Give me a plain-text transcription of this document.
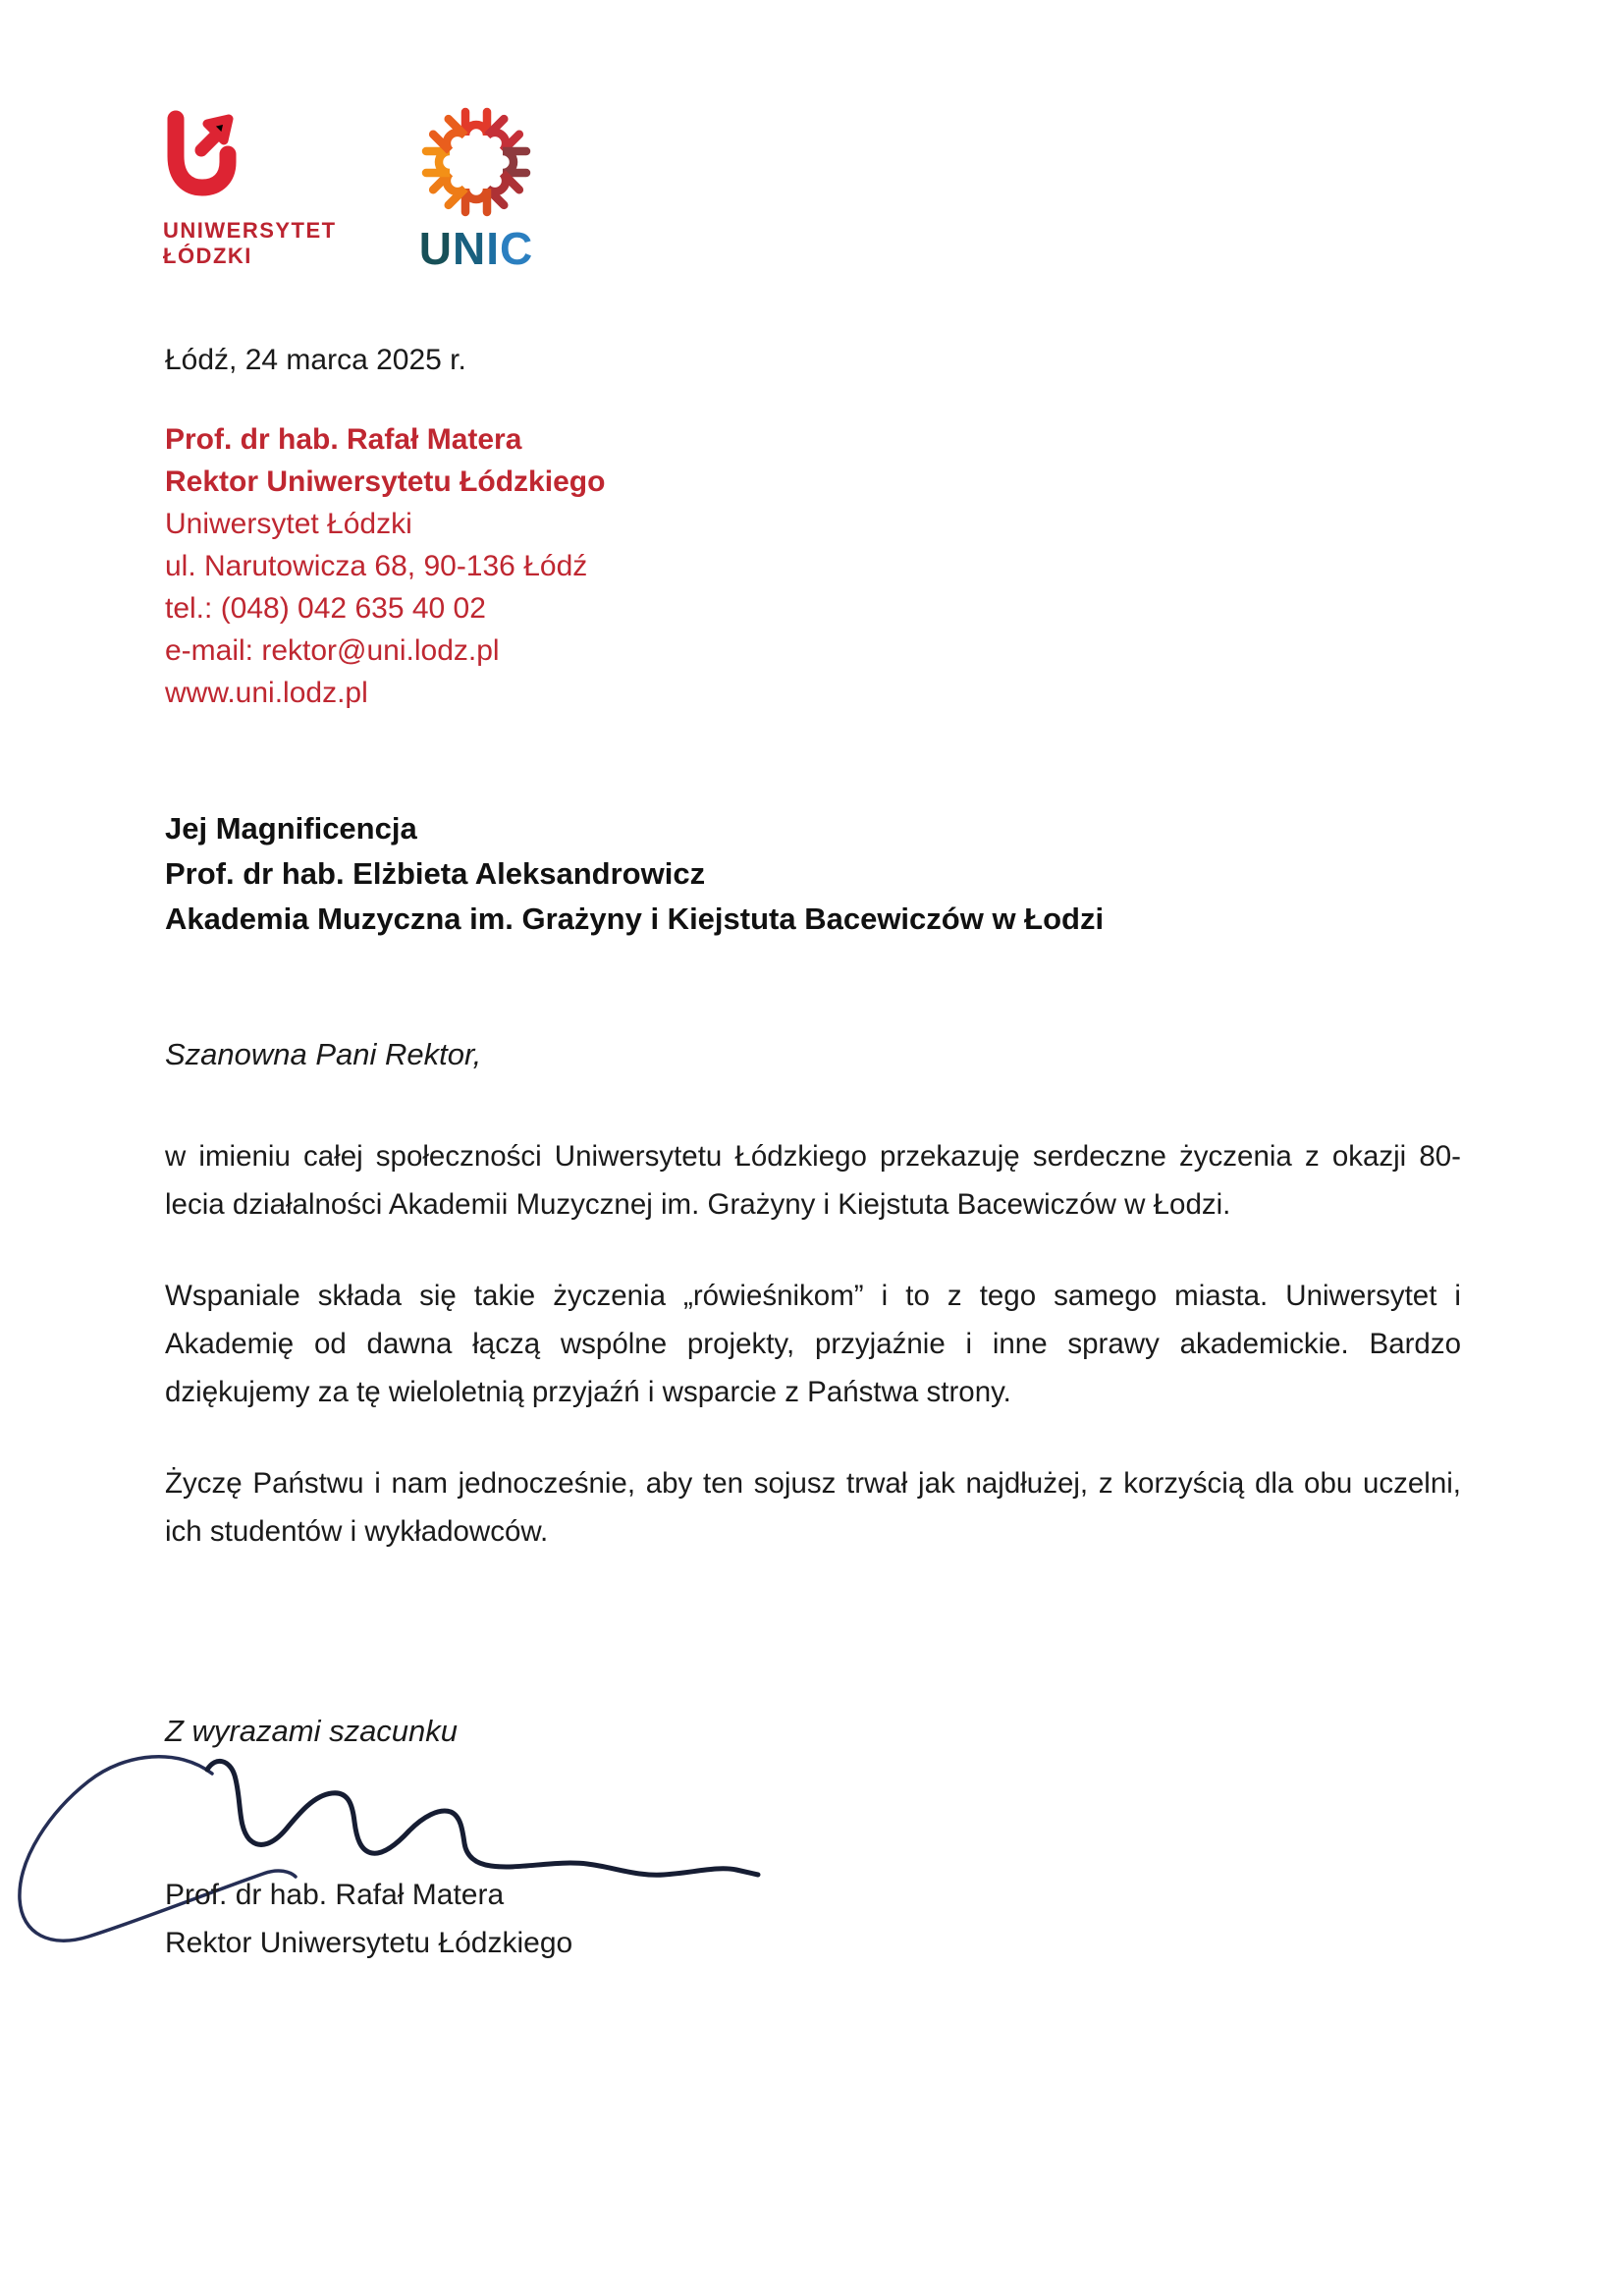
UNIWERSYTET
ŁÓDZKI	UNIC
Łódź, 24 marca 2025 r.
Prof. dr hab. Rafał Matera
Rektor Uniwersytetu Łódzkiego
Uniwersytet Łódzki
ul. Narutowicza 68, 90-136 Łódź
tel.: (048) 042 635 40 02
e-mail: rektor@uni.lodz.pl
www.uni.lodz.pl
Jej Magnificencja
Prof. dr hab. Elżbieta Aleksandrowicz
Akademia Muzyczna im. Grażyny i Kiejstuta Bacewiczów w Łodzi
Szanowna Pani Rektor,

w imieniu całej społeczności Uniwersytetu Łódzkiego przekazuję serdeczne życzenia z okazji 80-lecia działalności Akademii Muzycznej im. Grażyny i Kiejstuta Bacewiczów w Łodzi.

Wspaniale składa się takie życzenia „rówieśnikom” i to z tego samego miasta. Uniwersytet i Akademię od dawna łączą wspólne projekty, przyjaźnie i inne sprawy akademickie. Bardzo dziękujemy za tę wieloletnią przyjaźń i wsparcie z Państwa strony.

Życzę Państwu i nam jednocześnie, aby ten sojusz trwał jak najdłużej, z korzyścią dla obu uczelni, ich studentów i wykładowców.

Z wyrazami szacunku
Prof. dr hab. Rafał Matera
Rektor Uniwersytetu Łódzkiego
